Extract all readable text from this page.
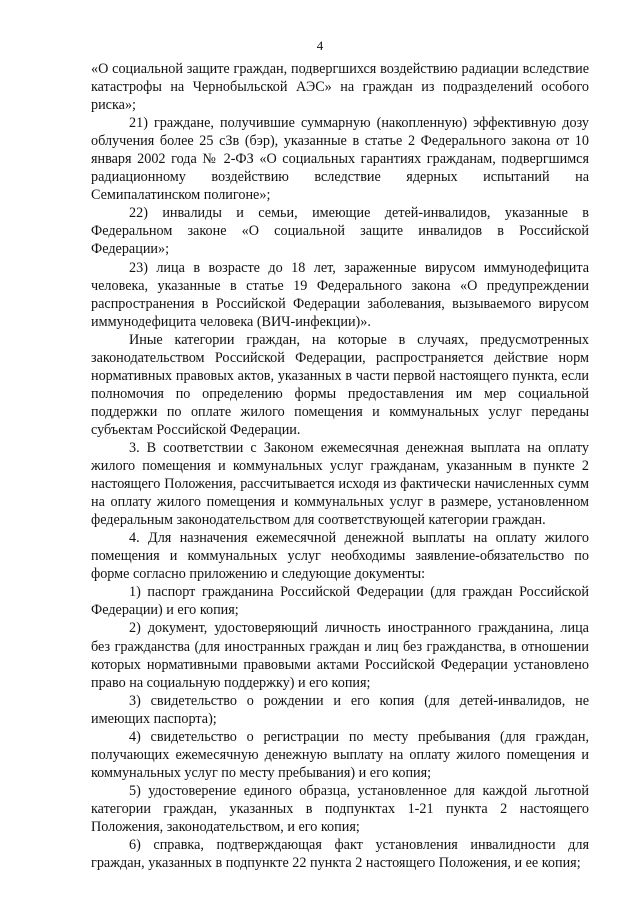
4

«О социальной защите граждан, подвергшихся воздействию радиации вследствие катастрофы на Чернобыльской АЭС» на граждан из подразделений особого риска»;

21) граждане, получившие суммарную (накопленную) эффективную дозу облучения более 25 сЗв (бэр), указанные в статье 2 Федерального закона от 10 января 2002 года № 2-ФЗ «О социальных гарантиях гражданам, подвергшимся радиационному воздействию вследствие ядерных испытаний на Семипалатинском полигоне»;

22) инвалиды и семьи, имеющие детей-инвалидов, указанные в Федеральном законе «О социальной защите инвалидов в Российской Федерации»;

23) лица в возрасте до 18 лет, зараженные вирусом иммунодефицита человека, указанные в статье 19 Федерального закона «О предупреждении распространения в Российской Федерации заболевания, вызываемого вирусом иммунодефицита человека (ВИЧ-инфекции)».

Иные категории граждан, на которые в случаях, предусмотренных законодательством Российской Федерации, распространяется действие норм нормативных правовых актов, указанных в части первой настоящего пункта, если полномочия по определению формы предоставления им мер социальной поддержки по оплате жилого помещения и коммунальных услуг переданы субъектам Российской Федерации.

3. В соответствии с Законом ежемесячная денежная выплата на оплату жилого помещения и коммунальных услуг гражданам, указанным в пункте 2 настоящего Положения, рассчитывается исходя из фактически начисленных сумм на оплату жилого помещения и коммунальных услуг в размере, установленном федеральным законодательством для соответствующей категории граждан.

4. Для назначения ежемесячной денежной выплаты на оплату жилого помещения и коммунальных услуг необходимы заявление-обязательство по форме согласно приложению и следующие документы:

1) паспорт гражданина Российской Федерации (для граждан Российской Федерации) и его копия;

2) документ, удостоверяющий личность иностранного гражданина, лица без гражданства (для иностранных граждан и лиц без гражданства, в отношении которых нормативными правовыми актами Российской Федерации установлено право на социальную поддержку) и его копия;

3) свидетельство о рождении и его копия (для детей-инвалидов, не имеющих паспорта);

4) свидетельство о регистрации по месту пребывания (для граждан, получающих ежемесячную денежную выплату на оплату жилого помещения и коммунальных услуг по месту пребывания) и его копия;

5) удостоверение единого образца, установленное для каждой льготной категории граждан, указанных в подпунктах 1-21 пункта 2 настоящего Положения, законодательством, и его копия;

6) справка, подтверждающая факт установления инвалидности для граждан, указанных в подпункте 22 пункта 2 настоящего Положения, и ее копия;
